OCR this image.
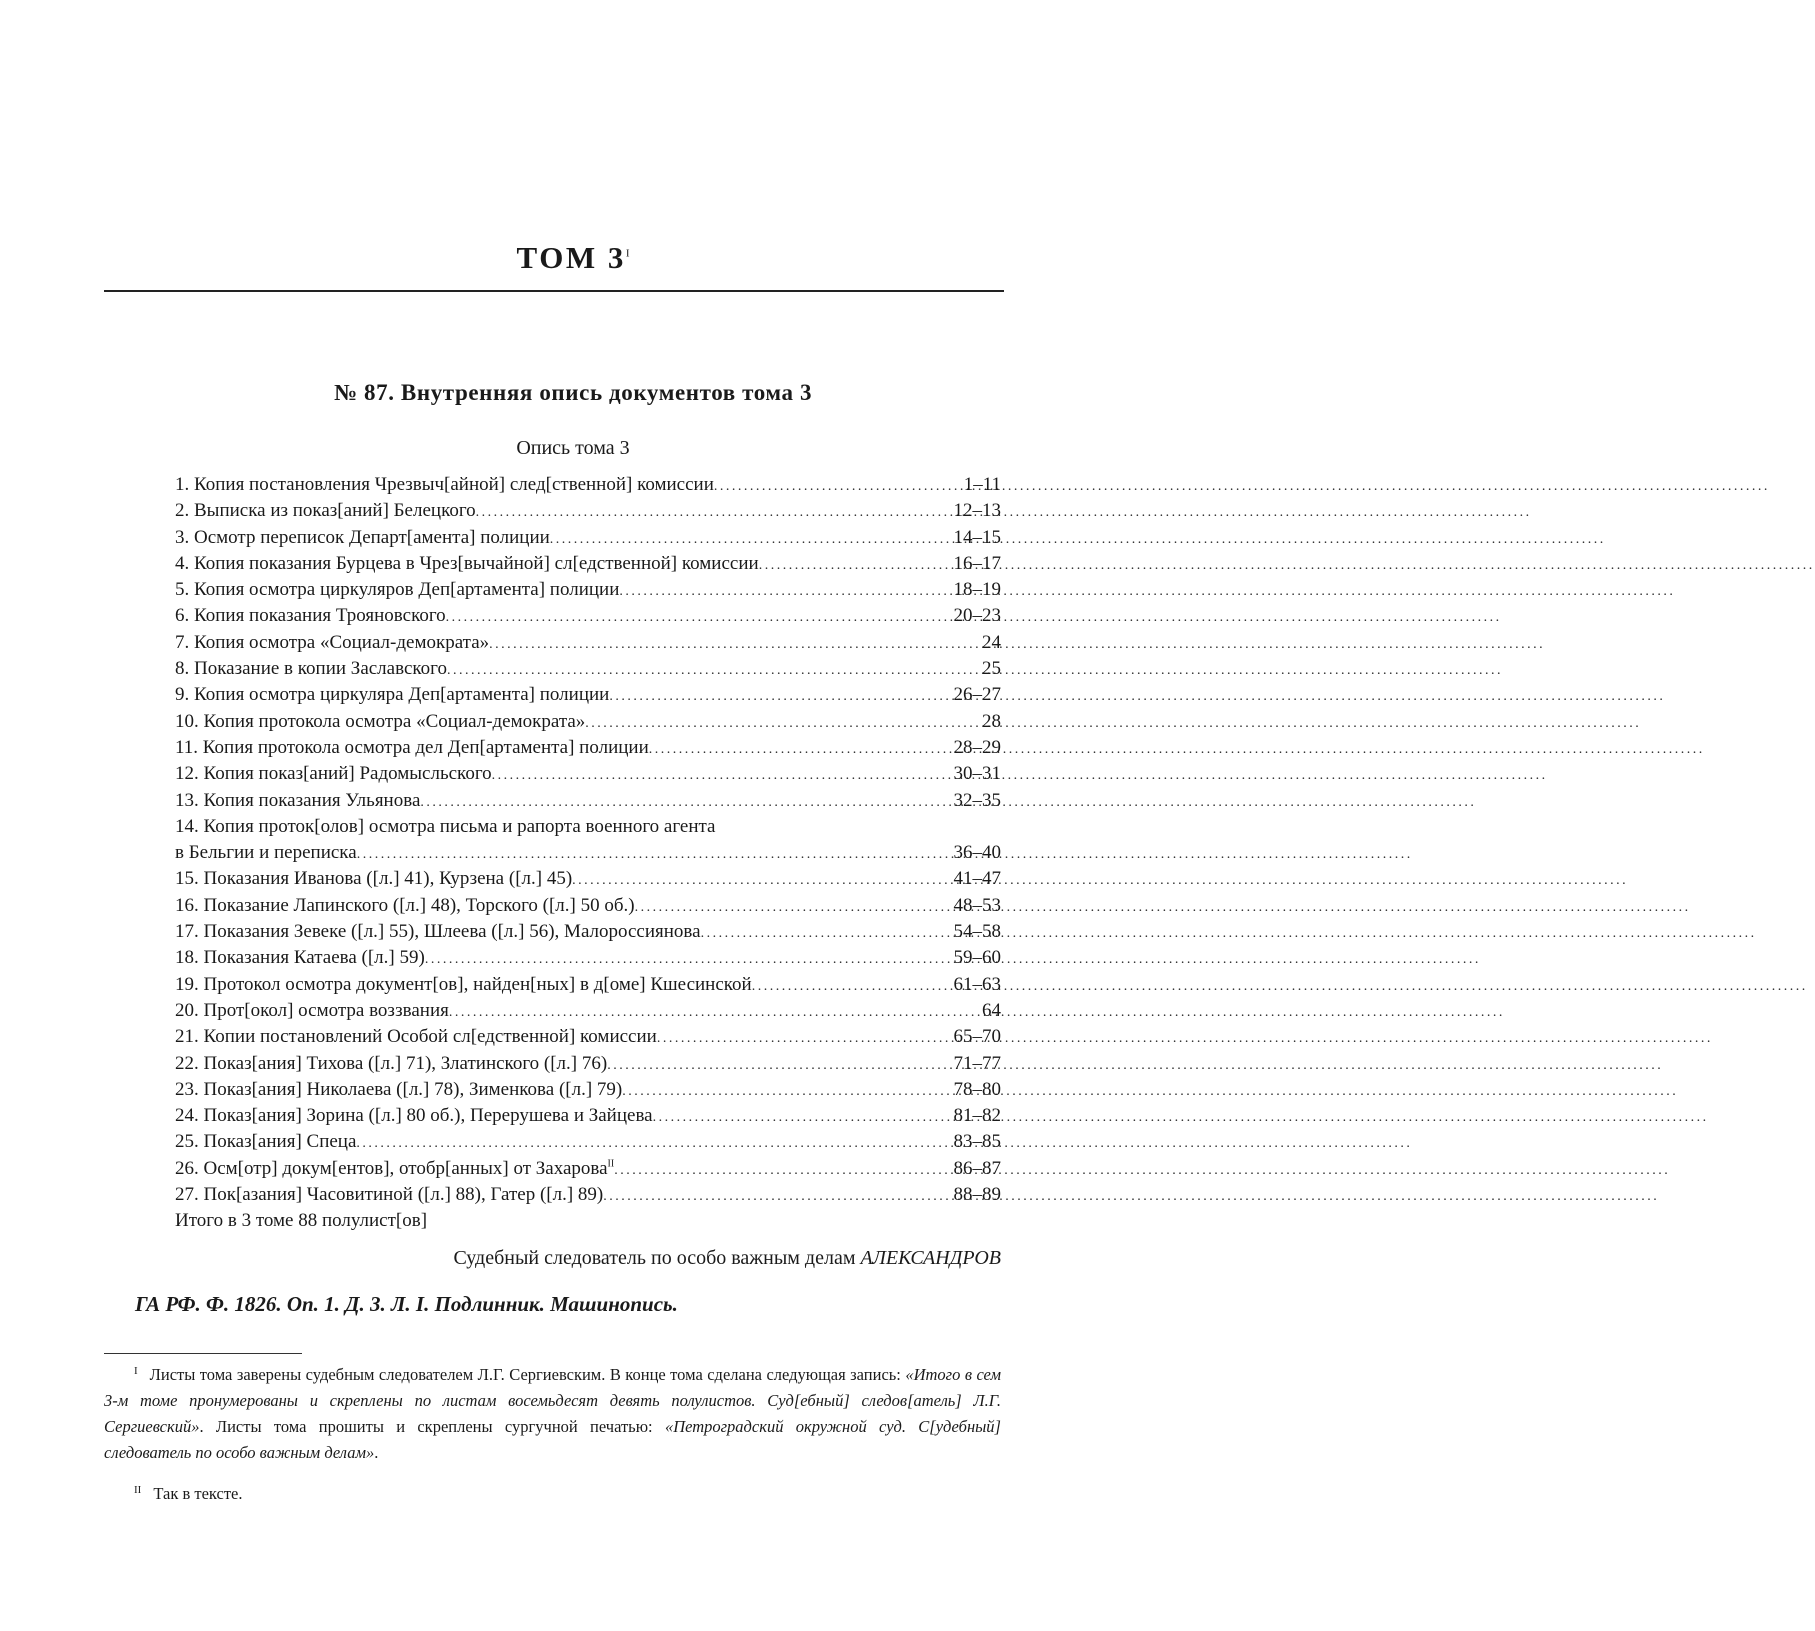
ТОМ $3^I$
№ 87. Внутренняя опись документов тома 3
Опись тома 3
1. Копия постановления Чрезвыч[айной] след[ственной] комиссии .....	1–11
2. Выписка из показ[аний] Белецкого .....	12–13
3. Осмотр переписок Департ[амента] полиции .....	14–15
4. Копия показания Бурцева в Чрез[вычайной] сл[едственной] комиссии .....	16–17
5. Копия осмотра циркуляров Деп[артамента] полиции .....	18–19
6. Копия показания Трояновского .....	20–23
7. Копия осмотра «Социал-демократа» .....	24
8. Показание в копии Заславского .....	25
9. Копия осмотра циркуляра Деп[артамента] полиции .....	26–27
10. Копия протокола осмотра «Социал-демократа» .....	28
11. Копия протокола осмотра дел Деп[артамента] полиции .....	28–29
12. Копия показ[аний] Радомысльского .....	30–31
13. Копия показания Ульянова .....	32–35
14. Копия проток[олов] осмотра письма и рапорта военного агента
в Бельгии и переписка .....	36–40
15. Показания Иванова ([л.] 41), Курзена ([л.] 45) .....	41–47
16. Показание Лапинского ([л.] 48), Торского ([л.] 50 об.) .....	48–53
17. Показания Зевеке ([л.] 55), Шлеева ([л.] 56), Малороссиянова .....	54–58
18. Показания Катаева ([л.] 59) .....	59–60
19. Протокол осмотра документ[ов], найден[ных] в д[оме] Кшесинской .....	61–63
20. Прот[окол] осмотра воззвания .....	64
21. Копии постановлений Особой сл[едственной] комиссии .....	65–70
22. Показ[ания] Тихова ([л.] 71), Златинского ([л.] 76) .....	71–77
23. Показ[ания] Николаева ([л.] 78), Зименкова ([л.] 79) .....	78–80
24. Показ[ания] Зорина ([л.] 80 об.), Перерушева и Зайцева .....	81–82
25. Показ[ания] Спеца .....	83–85
26. Осм[отр] докум[ентов], отобр[анных] от Захарова$^{II}$ .....	86–87
27. Пок[азания] Часовитиной ([л.] 88), Гатер ([л.] 89) .....	88–89
Итого в 3 томе 88 полулист[ов]
Судебный следователь по особо важным делам АЛЕКСАНДРОВ
ГА РФ. Ф. 1826. Оп. 1. Д. 3. Л. I. Подлинник. Машинопись.
$^I$ Листы тома заверены судебным следователем Л.Г. Сергиевским. В конце тома сделана следующая запись: «Итого в сем 3-м томе пронумерованы и скреплены по листам восемьдесят девять полулистов. Суд[ебный] следов[атель] Л.Г. Сергиевский». Листы тома прошиты и скреплены сургучной печатью: «Петроградский окружной суд. С[удебный] следователь по особо важным делам».
$^{II}$ Так в тексте.
